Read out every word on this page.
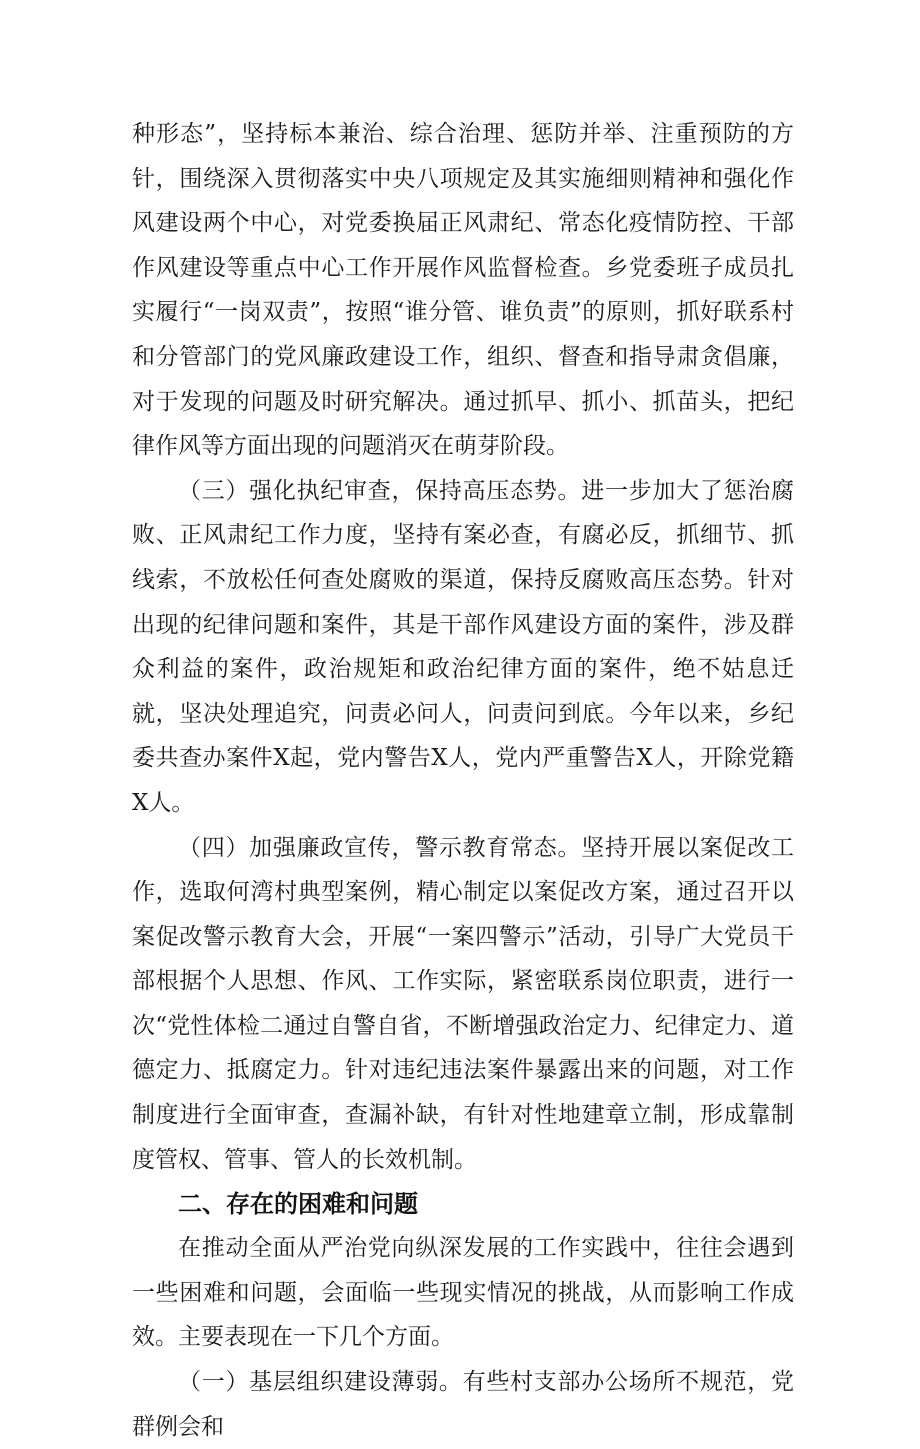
种形态”，坚持标本兼治、综合治理、惩防并举、注重预防的方针，围绕深入贯彻落实中央八项规定及其实施细则精神和强化作风建设两个中心，对党委换届正风肃纪、常态化疫情防控、干部作风建设等重点中心工作开展作风监督检查。乡党委班子成员扎实履行“一岗双责”，按照“谁分管、谁负责”的原则，抓好联系村和分管部门的党风廉政建设工作，组织、督查和指导肃贪倡廉，对于发现的问题及时研究解决。通过抓早、抓小、抓苗头，把纪律作风等方面出现的问题消灭在萌芽阶段。

（三）强化执纪审查，保持高压态势。进一步加大了惩治腐败、正风肃纪工作力度，坚持有案必查，有腐必反，抓细节、抓线索，不放松任何查处腐败的渠道，保持反腐败高压态势。针对出现的纪律问题和案件，其是干部作风建设方面的案件，涉及群众利益的案件，政治规矩和政治纪律方面的案件，绝不姑息迁就，坚决处理追究，问责必问人，问责问到底。今年以来，乡纪委共查办案件X起，党内警告X人，党内严重警告X人，开除党籍X人。

（四）加强廉政宣传，警示教育常态。坚持开展以案促改工作，选取何湾村典型案例，精心制定以案促改方案，通过召开以案促改警示教育大会，开展“一案四警示”活动，引导广大党员干部根据个人思想、作风、工作实际，紧密联系岗位职责，进行一次“党性体检二通过自警自省，不断增强政治定力、纪律定力、道德定力、抵腐定力。针对违纪违法案件暴露出来的问题，对工作制度进行全面审查，查漏补缺，有针对性地建章立制，形成靠制度管权、管事、管人的长效机制。

二、存在的困难和问题

在推动全面从严治党向纵深发展的工作实践中，往往会遇到一些困难和问题，会面临一些现实情况的挑战，从而影响工作成效。主要表现在一下几个方面。

（一）基层组织建设薄弱。有些村支部办公场所不规范，党群例会和
